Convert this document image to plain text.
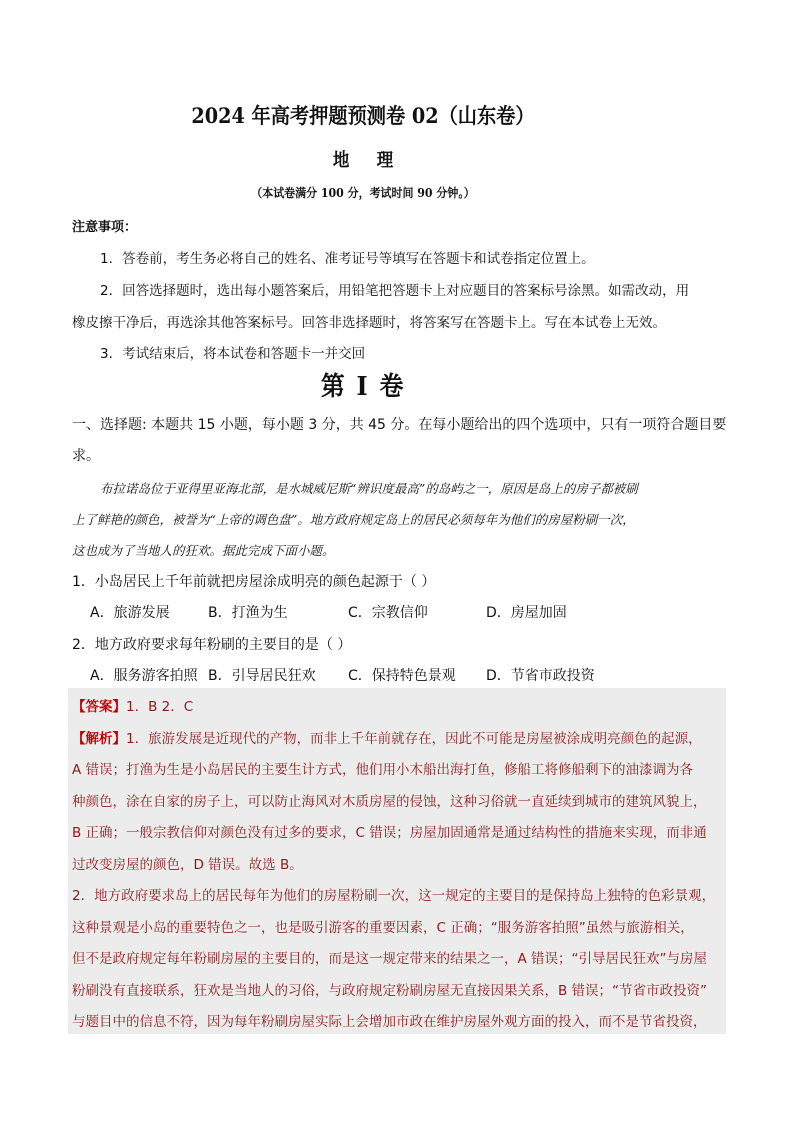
2024 年高考押题预测卷 02（山东卷）
地理
（本试卷满分 100 分，考试时间 90 分钟。）
注意事项：
1．答卷前，考生务必将自己的姓名、准考证号等填写在答题卡和试卷指定位置上。
2．回答选择题时，选出每小题答案后，用铅笔把答题卡上对应题目的答案标号涂黑。如需改动，用
橡皮擦干净后，再选涂其他答案标号。回答非选择题时，将答案写在答题卡上。写在本试卷上无效。
3．考试结束后，将本试卷和答题卡一并交回
第 I 卷
一、选择题: 本题共 15 小题，每小题 3 分，共 45 分。在每小题给出的四个选项中，只有一项符合题目要
求。
布拉诺岛位于亚得里亚海北部，是水城威尼斯“辨识度最高”的岛屿之一，原因是岛上的房子都被刷
上了鲜艳的颜色，被誉为“上帝的调色盘”。地方政府规定岛上的居民必须每年为他们的房屋粉刷一次，
这也成为了当地人的狂欢。据此完成下面小题。
1．小岛居民上千年前就把房屋涂成明亮的颜色起源于（ ）
A．旅游发展	B．打渔为生	C．宗教信仰	D．房屋加固
2．地方政府要求每年粉刷的主要目的是（ ）
A．服务游客拍照 B．引导居民狂欢 C．保持特色景观 D．节省市政投资
【答案】1．B 2．C
【解析】1．旅游发展是近现代的产物，而非上千年前就存在，因此不可能是房屋被涂成明亮颜色的起源，
A 错误；打渔为生是小岛居民的主要生计方式，他们用小木船出海打鱼，修船工将修船剩下的油漆调为各
种颜色，涂在自家的房子上，可以防止海风对木质房屋的侵蚀，这种习俗就一直延续到城市的建筑风貌上，
B 正确；一般宗教信仰对颜色没有过多的要求，C 错误；房屋加固通常是通过结构性的措施来实现，而非通
过改变房屋的颜色，D 错误。故选 B。
2．地方政府要求岛上的居民每年为他们的房屋粉刷一次，这一规定的主要目的是保持岛上独特的色彩景观，
这种景观是小岛的重要特色之一，也是吸引游客的重要因素，C 正确；“服务游客拍照”虽然与旅游相关，
但不是政府规定每年粉刷房屋的主要目的，而是这一规定带来的结果之一，A 错误；“引导居民狂欢”与房屋
粉刷没有直接联系，狂欢是当地人的习俗，与政府规定粉刷房屋无直接因果关系，B 错误；“节省市政投资”
与题目中的信息不符，因为每年粉刷房屋实际上会增加市政在维护房屋外观方面的投入，而不是节省投资，
